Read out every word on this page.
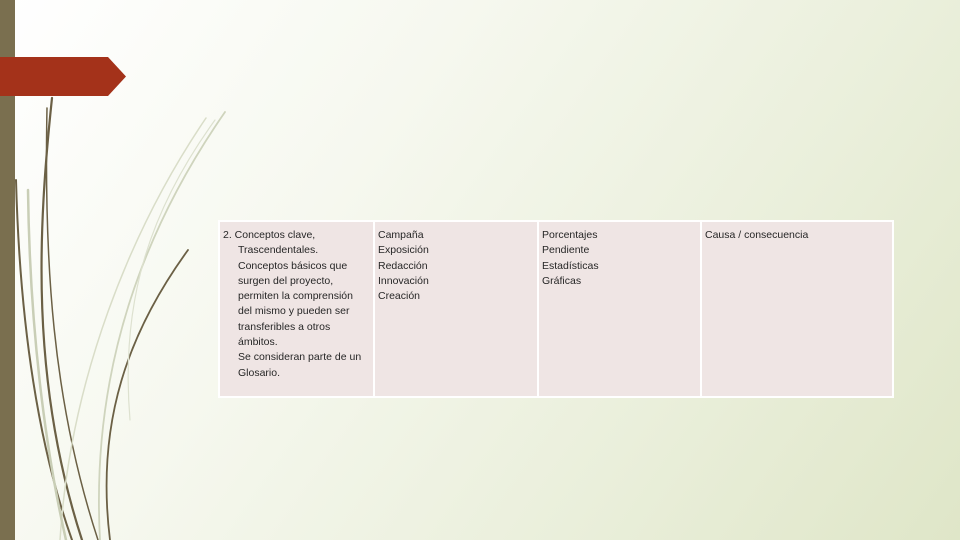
2. Conceptos clave,
Trascendentales.
Conceptos básicos que
surgen del proyecto,
permiten la comprensión
del mismo y pueden ser
transferibles a otros
ámbitos.
Se consideran parte de un
Glosario.

Campaña
Exposición
Redacción
Innovación
Creación

Porcentajes
Pendiente
Estadísticas
Gráficas

Causa / consecuencia
